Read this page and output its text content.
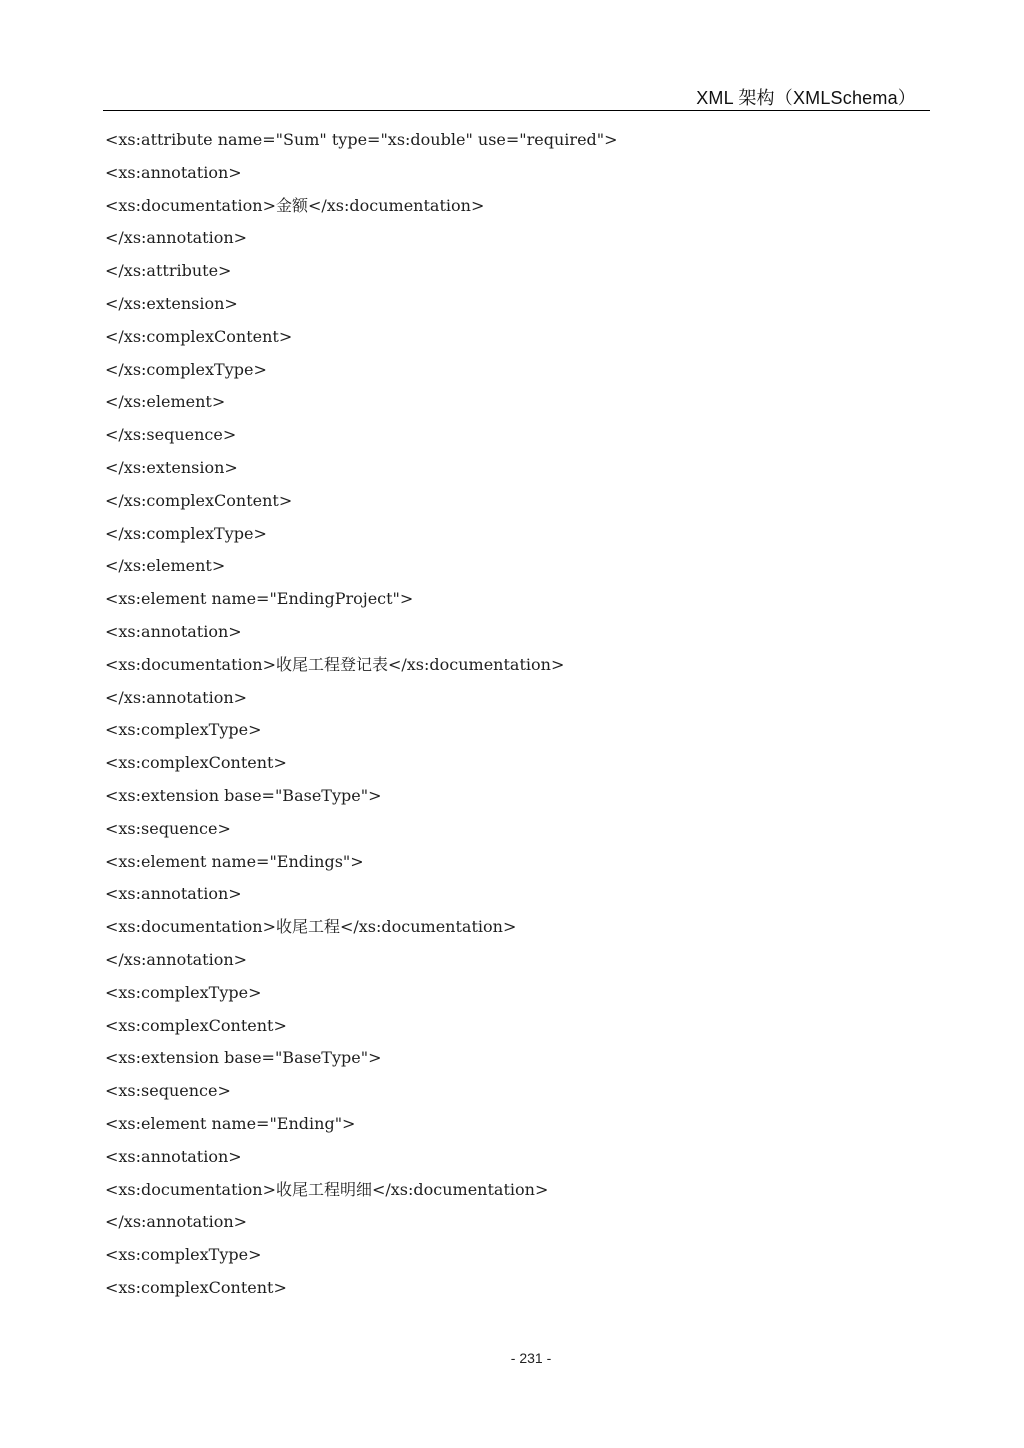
XML 架构（XMLSchema）
<xs:attribute name="Sum" type="xs:double" use="required">
<xs:annotation>
<xs:documentation>金额</xs:documentation>
</xs:annotation>
</xs:attribute>
</xs:extension>
</xs:complexContent>
</xs:complexType>
</xs:element>
</xs:sequence>
</xs:extension>
</xs:complexContent>
</xs:complexType>
</xs:element>
<xs:element name="EndingProject">
<xs:annotation>
<xs:documentation>收尾工程登记表</xs:documentation>
</xs:annotation>
<xs:complexType>
<xs:complexContent>
<xs:extension base="BaseType">
<xs:sequence>
<xs:element name="Endings">
<xs:annotation>
<xs:documentation>收尾工程</xs:documentation>
</xs:annotation>
<xs:complexType>
<xs:complexContent>
<xs:extension base="BaseType">
<xs:sequence>
<xs:element name="Ending">
<xs:annotation>
<xs:documentation>收尾工程明细</xs:documentation>
</xs:annotation>
<xs:complexType>
<xs:complexContent>
- 231 -
